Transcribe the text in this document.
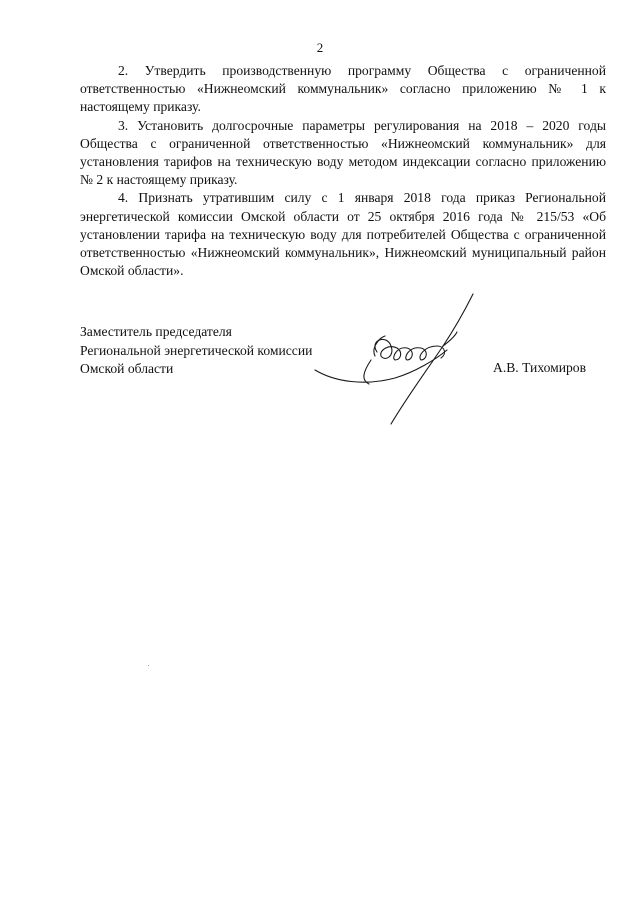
2

2. Утвердить производственную программу Общества с ограниченной ответственностью «Нижнеомский коммунальник» согласно приложению № 1 к настоящему приказу.

3. Установить долгосрочные параметры регулирования на 2018 – 2020 годы Общества с ограниченной ответственностью «Нижнеомский коммунальник» для установления тарифов на техническую воду методом индексации согласно приложению № 2 к настоящему приказу.

4. Признать утратившим силу с 1 января 2018 года приказ Региональной энергетической комиссии Омской области от 25 октября 2016 года № 215/53 «Об установлении тарифа на техническую воду для потребителей Общества с ограниченной ответственностью «Нижнеомский коммунальник», Нижнеомский муниципальный район Омской области».

Заместитель председателя
Региональной энергетической комиссии
Омской области	А.В. Тихомиров
